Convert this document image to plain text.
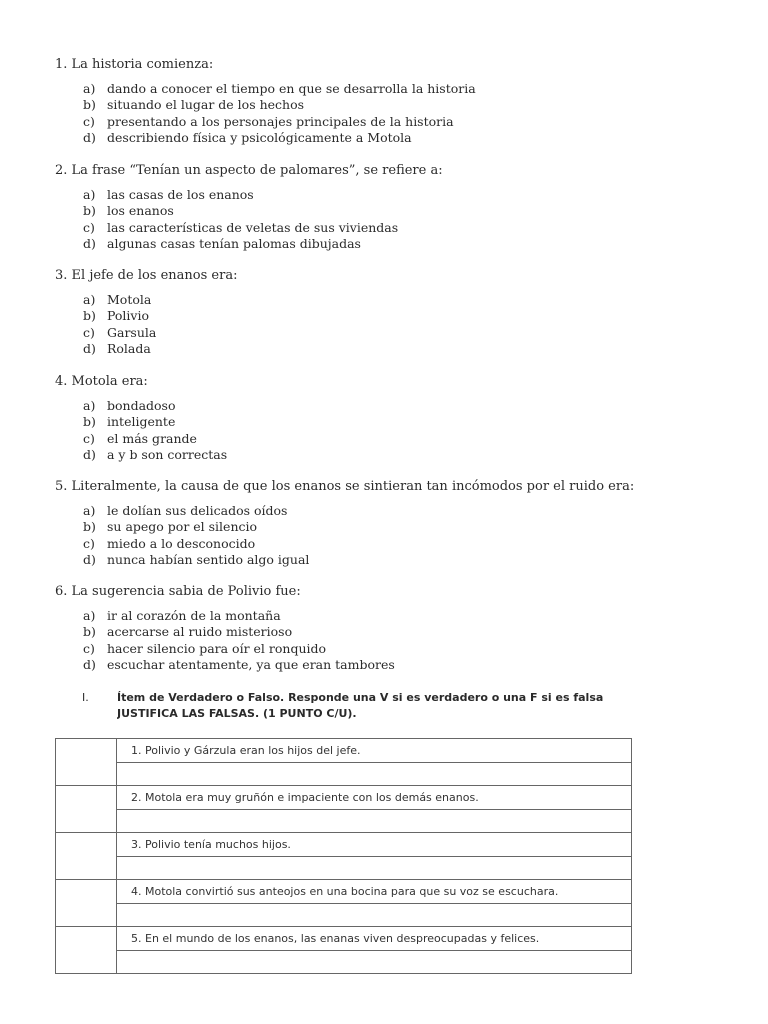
1. La historia comienza:
a) dando a conocer el tiempo en que se desarrolla la historia
b) situando el lugar de los hechos
c) presentando a los personajes principales de la historia
d) describiendo física y psicológicamente a Motola
2. La frase “Tenían un aspecto de palomares”, se refiere a:
a) las casas de los enanos
b) los enanos
c) las características de veletas de sus viviendas
d) algunas casas tenían palomas dibujadas
3. El jefe de los enanos era:
a) Motola
b) Polivio
c) Garsula
d) Rolada
4. Motola era:
a) bondadoso
b) inteligente
c) el más grande
d) a y b son correctas
5. Literalmente, la causa de que los enanos se sintieran tan incómodos por el ruido era:
a) le dolían sus delicados oídos
b) su apego por el silencio
c) miedo a lo desconocido
d) nunca habían sentido algo igual
6. La sugerencia sabia de Polivio fue:
a) ir al corazón de la montaña
b) acercarse al ruido misterioso
c) hacer silencio para oír el ronquido
d) escuchar atentamente, ya que eran tambores
I.	Ítem de Verdadero o Falso. Responde una V si es verdadero o una F si es falsa
JUSTIFICA LAS FALSAS. (1 PUNTO C/U).
	1. Polivio y Gárzula eran los hijos del jefe.

	2. Motola era muy gruñón e impaciente con los demás enanos.

	3. Polivio tenía muchos hijos.

	4. Motola convirtió sus anteojos en una bocina para que su voz se escuchara.

	5. En el mundo de los enanos, las enanas viven despreocupadas y felices.
